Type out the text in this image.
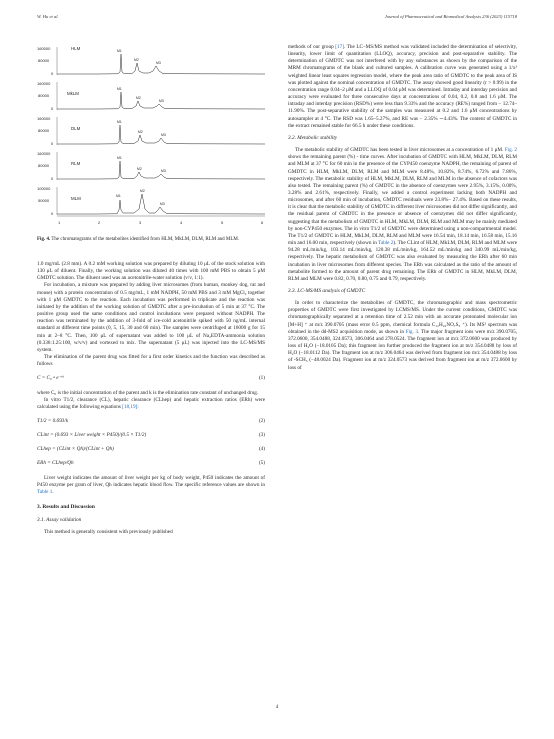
W. Hu et al.	Journal of Pharmaceutical and Biomedical Analysis 236 (2023) 115718
160000
80000
0
HLM	M1
M2
M3
160000
80000
0
MkLM
M1
M2
M3
160000
80000
0
DLM
M1
M2
M3
160000
80000
0
RLM
M1
M2	M3
100000
50000
0
MLM	M1
M2
M3
1	2	3	4	5	6
Fig. 4. The chromatograms of the metabolites identified from HLM, MkLM, DLM, RLM and MLM.

1.0 mg/mL (2.8 mm). A 0.2 mM working solution was prepared by diluting 10 μL of the stock solution with 130 μL of diluent. Finally, the working solution was diluted 40 times with 100 mM PBS to obtain 5 μM GMDTC solution. The diluent used was an acetonitrile-water solution (v/v, 1:1).

For incubation, a mixture was prepared by adding liver microsomes (from human, monkey dog, rat and mouse) with a protein concentration of 0.5 mg/mL, 1 mM NADPH, 50 mM PBS and 3 mM MgCl₂ together with 1 μM GMDTC to the reaction. Each incubation was performed in triplicate and the reaction was initiated by the addition of the working solution of GMDTC after a pre-incubation of 5 min at 37 °C. The positive group used the same conditions and control incubations were prepared without NADPH. The reaction was terminated by the addition of 3-fold of ice-cold acetonitrile spiked with 50 ng/mL internal standard at different time points (0, 5, 15, 30 and 60 min). The samples were centrifuged at 16000 g for 15 min at 2–8 °C. Then, 100 μL of supernatant was added to 100 μL of Na₂EDTA-ammonia solution (0.336:1.25:100, w/v/v) and vortexed to mix. The supernatant (5 μL) was injected into the LC-MS/MS system.

The elimination of the parent drug was fitted for a first order kinetics and the function was described as follows

C = C₀ • e⁻ᵏᵗ	(1)

where C₀ is the initial concentration of the parent and k is the elimination rate constant of unchanged drug.

In vitro T1/2, clearance (CL), hepatic clearance (CLhep) and hepatic extraction ratios (ERh) were calculated using the following equations [18,19]:

T1/2 = 0.693/k	(2)
CLint = (0.693 × Liver weight × P450)/(0.5 × T1/2)	(3)
CLhep = (CLint × Qh)/(CLint + Qh)	(4)
ERh = CLhep/Qh	(5)

Liver weight indicates the amount of liver weight per kg of body weight, P450 indicates the amount of P450 enzyme per gram of liver, Qh indicates hepatic blood flow. The specific reference values are shown in Table 1.

3. Results and Discussion
3.1. Assay validation

This method is generally consistent with previously published

methods of our group [17]. The LC–MS/MS method was validated included the determination of selectivity, linearity, lower limit of quantitation (LLOQ), accuracy, precision and post-separative stability. The determination of GMDTC was not interfered with by any substances as shown by the comparison of the MRM chromatograms of the blank and cultured samples. A calibration curve was generated using a 1/x² weighted linear least squares regression model, where the peak area ratio of GMDTC to the peak area of IS was plotted against the nominal concentration of GMDTC. The assay showed good linearity (r > 0.99) in the concentration range 0.04–2 μM and a LLOQ of 0.04 μM was determined. Intraday and interday precision and accuracy were evaluated for three consecutive days at concentrations of 0.04, 0.2, 0.8 and 1.6 μM. The intraday and interday precision (RSD%) were less than 9.33% and the accuracy (RE%) ranged from − 12.74–11.90%. The post-separative stability of the samples was measured at 0.2 and 1.6 μM concentrations by autosampler at 4 °C. The RSD was 1.65–5.27%, and RE was − 2.35% ∼4.43%. The content of GMDTC in the extract remained stable for 66.5 h under these conditions.

3.2. Metabolic stability

The metabolic stability of GMDTC has been tested in liver microsomes at a concentration of 1 μM. Fig. 2 shows the remaining parent (%) - time curves. After incubation of GMDTC with HLM, MkLM, DLM, RLM and MLM at 37 °C for 60 min in the presence of the CYP450 coenzyme NADPH, the remaining of parent of GMDTC in HLM, MkLM, DLM, RLM and MLM were 8.48%, 10.82%, 8.74%, 6.72% and 7.86%, respectively. The metabolic stability of HLM, MkLM, DLM, RLM and MLM in the absence of cofactors was also tested. The remaining parent (%) of GMDTC in the absence of coenzymes were 2.95%, 3.15%, 0.00%, 3.28% and 2.61%, respectively. Finally, we added a control experiment lacking both NADPH and microsomes, and after 60 min of incubation, GMDTC residuals were 23.8%− 27.4%. Based on these results, it is clear that the metabolic stability of GMDTC in different liver microsomes did not differ significantly, and the residual parent of GMDTC in the presence or absence of coenzymes did not differ significantly, suggesting that the metabolism of GMDTC in HLM, MkLM, DLM, RLM and MLM may be mainly mediated by non-CYP450 enzymes. The in vitro T1/2 of GMDTC were determined using a non-compartmental model. The T1/2 of GMDTC in HLM, MkLM, DLM, RLM and MLM were 16.54 min, 18.14 min, 16.58 min, 15.16 min and 16.00 min, respectively (shown in Table 2). The CLint of HLM, MkLM, DLM, RLM and MLM were 94.28 mL/min/kg, 103.14 mL/min/kg, 120.38 mL/min/kg, 164.52 mL/min/kg and 340.99 mL/min/kg, respectively. The hepatic metabolism of GMDTC was also evaluated by measuring the ERh after 60 min incubation in liver microsomes from different species. The ERh was calculated as the ratio of the amount of metabolite formed to the amount of parent drug remaining. The ERh of GMDTC in HLM, MkLM, DLM, RLM and MLM were 0.82, 0.70, 0.80, 0.75 and 0.79, respectively.

3.3. LC-MS/MS analysis of GMDTC

In order to characterize the metabolites of GMDTC, the chromatographic and mass spectrometric properties of GMDTC were first investigated by LCMS/MS. Under the current conditions, GMDTC was chromatographically separated at a retention time of 2.52 min with an accurate protonated molecular ion [M+H] ⁺ at m/z 390.0705 (mass error 0.5 ppm, chemical formula C₁₂H₂₄NO₇S₃ ⁺). Its MS² spectrum was obtained in the dd-MS2 acquisition mode, as shown in Fig. 3. The major fragment ions were m/z 390.0705, 372.0600, 354.0488, 324.0573, 306.0464 and 278.0524. The fragment ion at m/z 372.0600 was produced by loss of H₂O (−18.0105 Da); this fragment ion further produced the fragment ion at m/z 354.0488 by loss of H₂O (−18.0112 Da). The fragment ion at m/z 306.0464 was derived from fragment ion m/z 354.0488 by loss of -SCH₃ (−48.0024 Da). Fragment ion at m/z 324.0573 was derived from fragment ion at m/z 372.0600 by loss of

4
